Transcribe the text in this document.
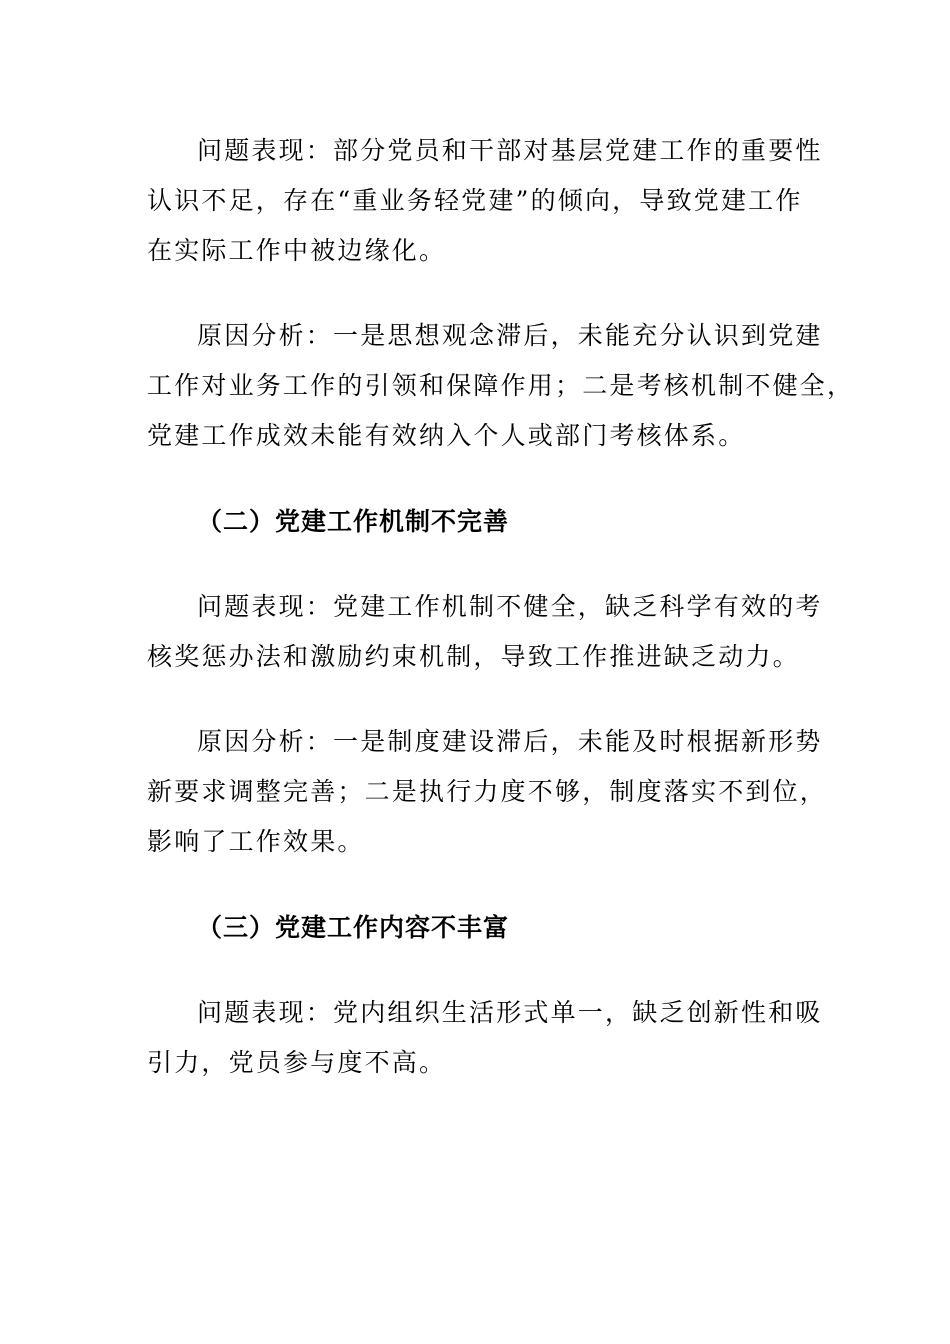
问题表现：部分党员和干部对基层党建工作的重要性
认识不足，存在“重业务轻党建”的倾向，导致党建工作
在实际工作中被边缘化。
原因分析：一是思想观念滞后，未能充分认识到党建
工作对业务工作的引领和保障作用；二是考核机制不健全，
党建工作成效未能有效纳入个人或部门考核体系。
（二）党建工作机制不完善
问题表现：党建工作机制不健全，缺乏科学有效的考
核奖惩办法和激励约束机制，导致工作推进缺乏动力。
原因分析：一是制度建设滞后，未能及时根据新形势
新要求调整完善；二是执行力度不够，制度落实不到位，
影响了工作效果。
（三）党建工作内容不丰富
问题表现：党内组织生活形式单一，缺乏创新性和吸
引力，党员参与度不高。
